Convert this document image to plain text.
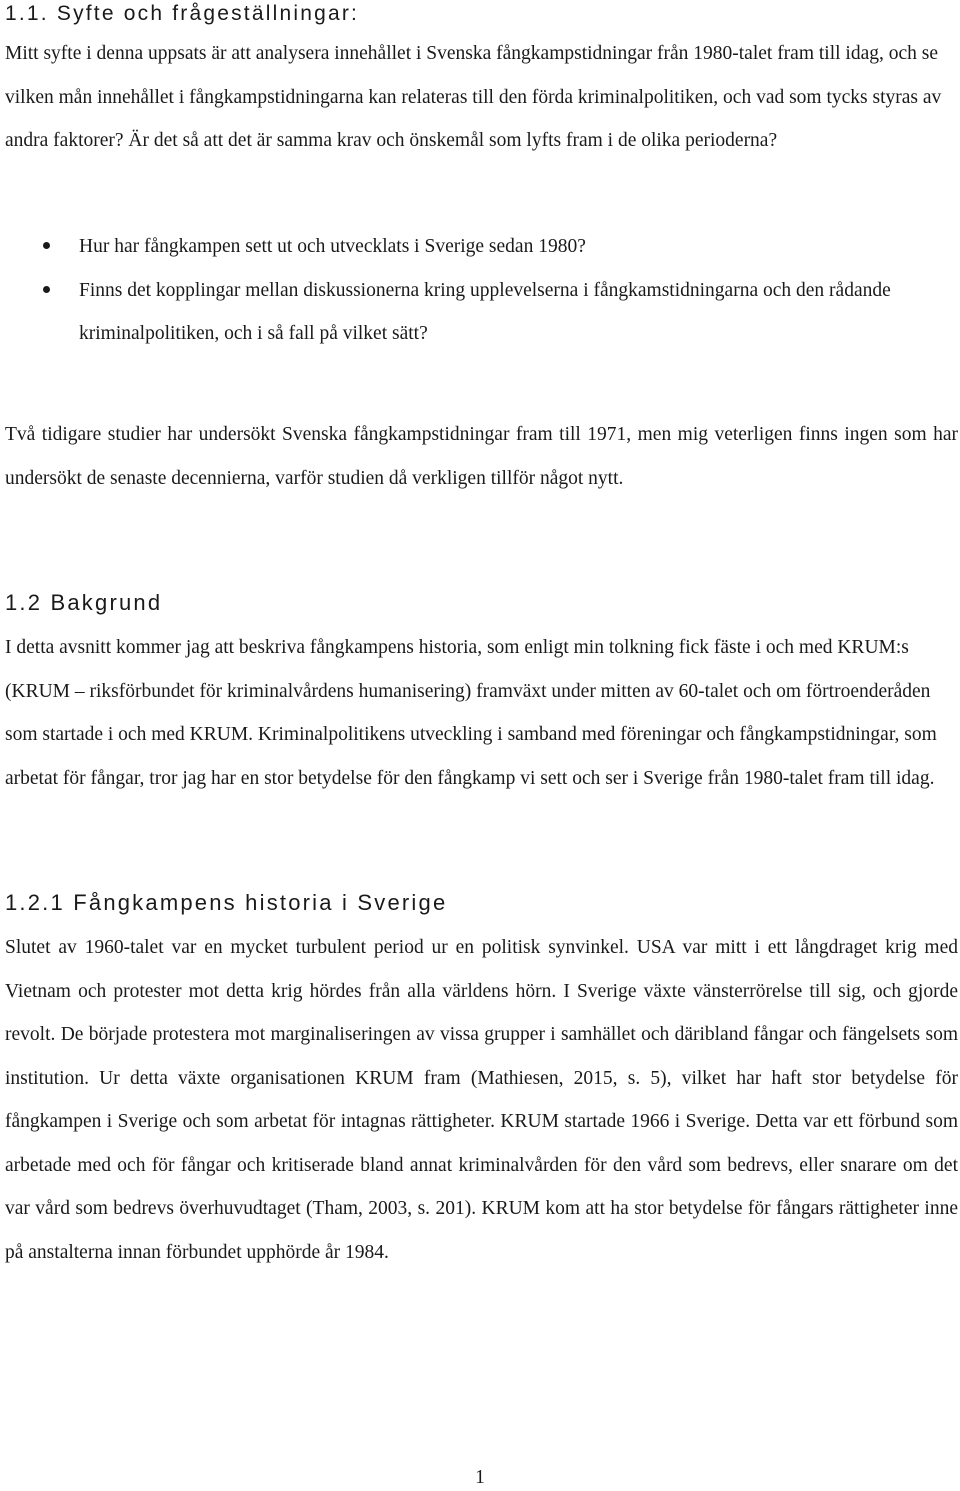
1.1. Syfte och frågeställningar:

Mitt syfte i denna uppsats är att analysera innehållet i Svenska fångkampstidningar från 1980-talet fram till idag, och se vilken mån innehållet i fångkampstidningarna kan relateras till den förda kriminalpolitiken, och vad som tycks styras av andra faktorer? Är det så att det är samma krav och önskemål som lyfts fram i de olika perioderna?

Hur har fångkampen sett ut och utvecklats i Sverige sedan 1980?
Finns det kopplingar mellan diskussionerna kring upplevelserna i fångkamstidningarna och den rådande kriminalpolitiken, och i så fall på vilket sätt?

Två tidigare studier har undersökt Svenska fångkampstidningar fram till 1971, men mig veterligen finns ingen som har undersökt de senaste decennierna, varför studien då verkligen tillför något nytt.

1.2 Bakgrund

I detta avsnitt kommer jag att beskriva fångkampens historia, som enligt min tolkning fick fäste i och med KRUM:s (KRUM – riksförbundet för kriminalvårdens humanisering) framväxt under mitten av 60-talet och om förtroenderåden som startade i och med KRUM. Kriminalpolitikens utveckling i samband med föreningar och fångkampstidningar, som arbetat för fångar, tror jag har en stor betydelse för den fångkamp vi sett och ser i Sverige från 1980-talet fram till idag.

1.2.1 Fångkampens historia i Sverige

Slutet av 1960-talet var en mycket turbulent period ur en politisk synvinkel. USA var mitt i ett långdraget krig med Vietnam och protester mot detta krig hördes från alla världens hörn. I Sverige växte vänsterrörelse till sig, och gjorde revolt. De började protestera mot marginaliseringen av vissa grupper i samhället och däribland fångar och fängelsets som institution. Ur detta växte organisationen KRUM fram (Mathiesen, 2015, s. 5), vilket har haft stor betydelse för fångkampen i Sverige och som arbetat för intagnas rättigheter. KRUM startade 1966 i Sverige. Detta var ett förbund som arbetade med och för fångar och kritiserade bland annat kriminalvården för den vård som bedrevs, eller snarare om det var vård som bedrevs överhuvudtaget (Tham, 2003, s. 201). KRUM kom att ha stor betydelse för fångars rättigheter inne på anstalterna innan förbundet upphörde år 1984.

1
